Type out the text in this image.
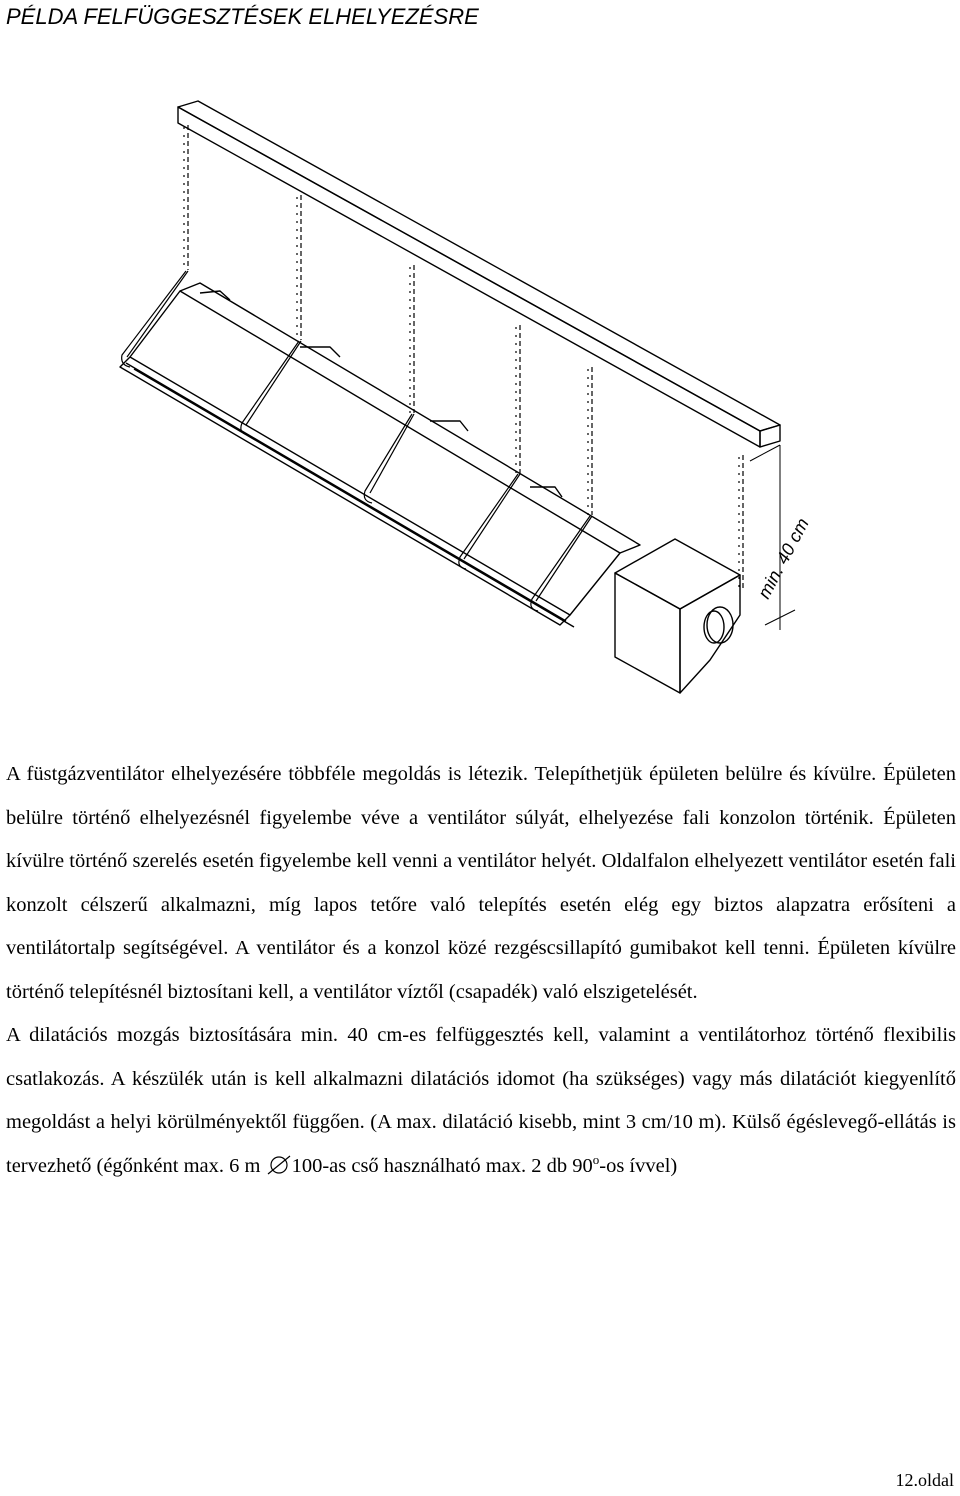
PÉLDA FELFÜGGESZTÉSEK ELHELYEZÉSRE
min. 40 cm

A füstgázventilátor elhelyezésére többféle megoldás is létezik. Telepíthetjük épületen belülre és kívülre. Épületen belülre történő elhelyezésnél figyelembe véve a ventilátor súlyát, elhelyezése fali konzolon történik. Épületen kívülre történő szerelés esetén figyelembe kell venni a ventilátor helyét. Oldalfalon elhelyezett ventilátor esetén fali konzolt célszerű alkalmazni, míg lapos tetőre való telepítés esetén elég egy biztos alapzatra erősíteni a ventilátortalp segítségével. A ventilátor és a konzol közé rezgéscsillapító gumibakot kell tenni. Épületen kívülre történő telepítésnél biztosítani kell, a ventilátor víztől (csapadék) való elszigetelését.

A dilatációs mozgás biztosítására min. 40 cm-es felfüggesztés kell, valamint a ventilátorhoz történő flexibilis csatlakozás. A készülék után is kell alkalmazni dilatációs idomot (ha szükséges) vagy más dilatációt kiegyenlítő megoldást a helyi körülményektől függően. (A max. dilatáció kisebb, mint 3 cm/10 m). Külső égéslevegő-ellátás is tervezhető (égőnként max. 6 m 100-as cső használható max. 2 db 90$^o$-os ívvel)

12.oldal
